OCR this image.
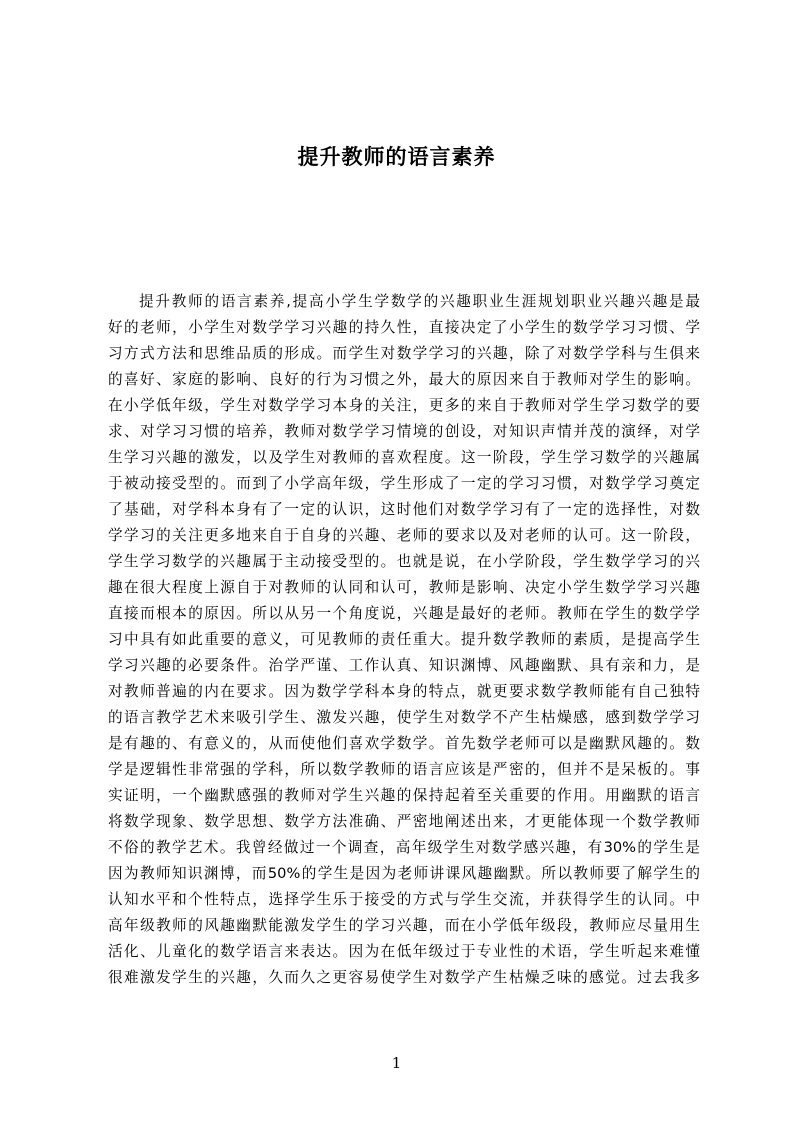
提升教师的语言素养
提升教师的语言素养,提高小学生学数学的兴趣职业生涯规划职业兴趣兴趣是最
好的老师，小学生对数学学习兴趣的持久性，直接决定了小学生的数学学习习惯、学
习方式方法和思维品质的形成。而学生对数学学习的兴趣，除了对数学学科与生俱来
的喜好、家庭的影响、良好的行为习惯之外，最大的原因来自于教师对学生的影响。
在小学低年级，学生对数学学习本身的关注，更多的来自于教师对学生学习数学的要
求、对学习习惯的培养，教师对数学学习情境的创设，对知识声情并茂的演绎，对学
生学习兴趣的激发，以及学生对教师的喜欢程度。这一阶段，学生学习数学的兴趣属
于被动接受型的。而到了小学高年级，学生形成了一定的学习习惯，对数学学习奠定
了基础，对学科本身有了一定的认识，这时他们对数学学习有了一定的选择性，对数
学学习的关注更多地来自于自身的兴趣、老师的要求以及对老师的认可。这一阶段，
学生学习数学的兴趣属于主动接受型的。也就是说，在小学阶段，学生数学学习的兴
趣在很大程度上源自于对教师的认同和认可，教师是影响、决定小学生数学学习兴趣
直接而根本的原因。所以从另一个角度说，兴趣是最好的老师。教师在学生的数学学
习中具有如此重要的意义，可见教师的责任重大。提升数学教师的素质，是提高学生
学习兴趣的必要条件。治学严谨、工作认真、知识渊博、风趣幽默、具有亲和力，是
对教师普遍的内在要求。因为数学学科本身的特点，就更要求数学教师能有自己独特
的语言教学艺术来吸引学生、激发兴趣，使学生对数学不产生枯燥感，感到数学学习
是有趣的、有意义的，从而使他们喜欢学数学。首先数学老师可以是幽默风趣的。数
学是逻辑性非常强的学科，所以数学教师的语言应该是严密的，但并不是呆板的。事
实证明，一个幽默感强的教师对学生兴趣的保持起着至关重要的作用。用幽默的语言
将数学现象、数学思想、数学方法准确、严密地阐述出来，才更能体现一个数学教师
不俗的教学艺术。我曾经做过一个调查，高年级学生对数学感兴趣，有30%的学生是
因为教师知识渊博，而50%的学生是因为老师讲课风趣幽默。所以教师要了解学生的
认知水平和个性特点，选择学生乐于接受的方式与学生交流，并获得学生的认同。中
高年级教师的风趣幽默能激发学生的学习兴趣，而在小学低年级段，教师应尽量用生
活化、儿童化的数学语言来表达。因为在低年级过于专业性的术语，学生听起来难懂
很难激发学生的兴趣，久而久之更容易使学生对数学产生枯燥乏味的感觉。过去我多
1
